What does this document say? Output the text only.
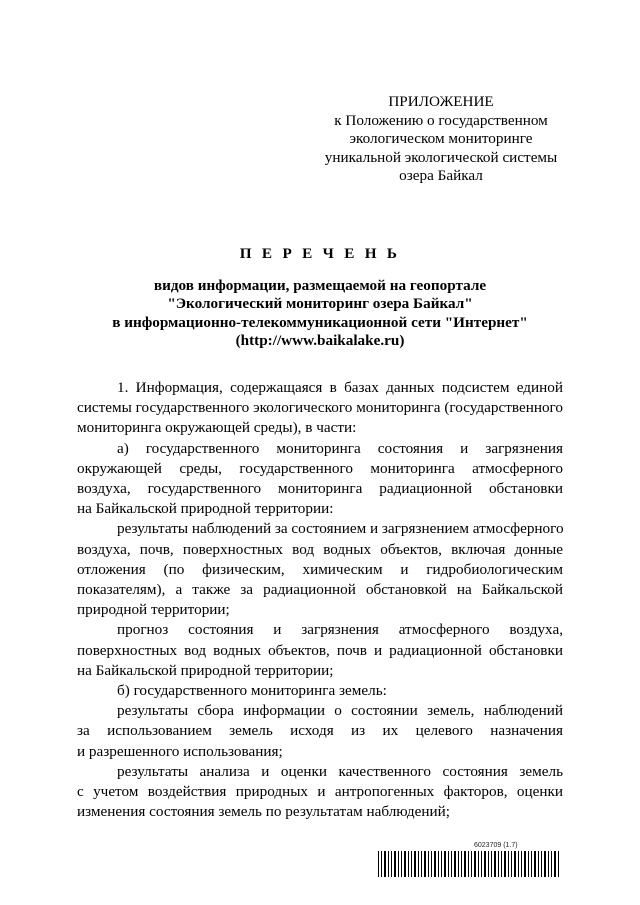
ПРИЛОЖЕНИЕ
к Положению о государственном
экологическом мониторинге
уникальной экологической системы
озера Байкал
П Е Р Е Ч Е Н Ь
видов информации, размещаемой на геопортале
"Экологический мониторинг озера Байкал"
в информационно-телекоммуникационной сети "Интернет"
(http://www.baikalake.ru)

1. Информация, содержащаяся в базах данных подсистем единой
системы государственного экологического мониторинга (государственного
мониторинга окружающей среды), в части:

а) государственного мониторинга состояния и загрязнения
окружающей среды, государственного мониторинга атмосферного
воздуха, государственного мониторинга радиационной обстановки
на Байкальской природной территории:

результаты наблюдений за состоянием и загрязнением атмосферного
воздуха, почв, поверхностных вод водных объектов, включая донные
отложения (по физическим, химическим и гидробиологическим
показателям), а также за радиационной обстановкой на Байкальской
природной территории;

прогноз состояния и загрязнения атмосферного воздуха,
поверхностных вод водных объектов, почв и радиационной обстановки
на Байкальской природной территории;

б) государственного мониторинга земель:

результаты сбора информации о состоянии земель, наблюдений
за использованием земель исходя из их целевого назначения
и разрешенного использования;

результаты анализа и оценки качественного состояния земель
с учетом воздействия природных и антропогенных факторов, оценки
изменения состояния земель по результатам наблюдений;

6023709 (1.7)
